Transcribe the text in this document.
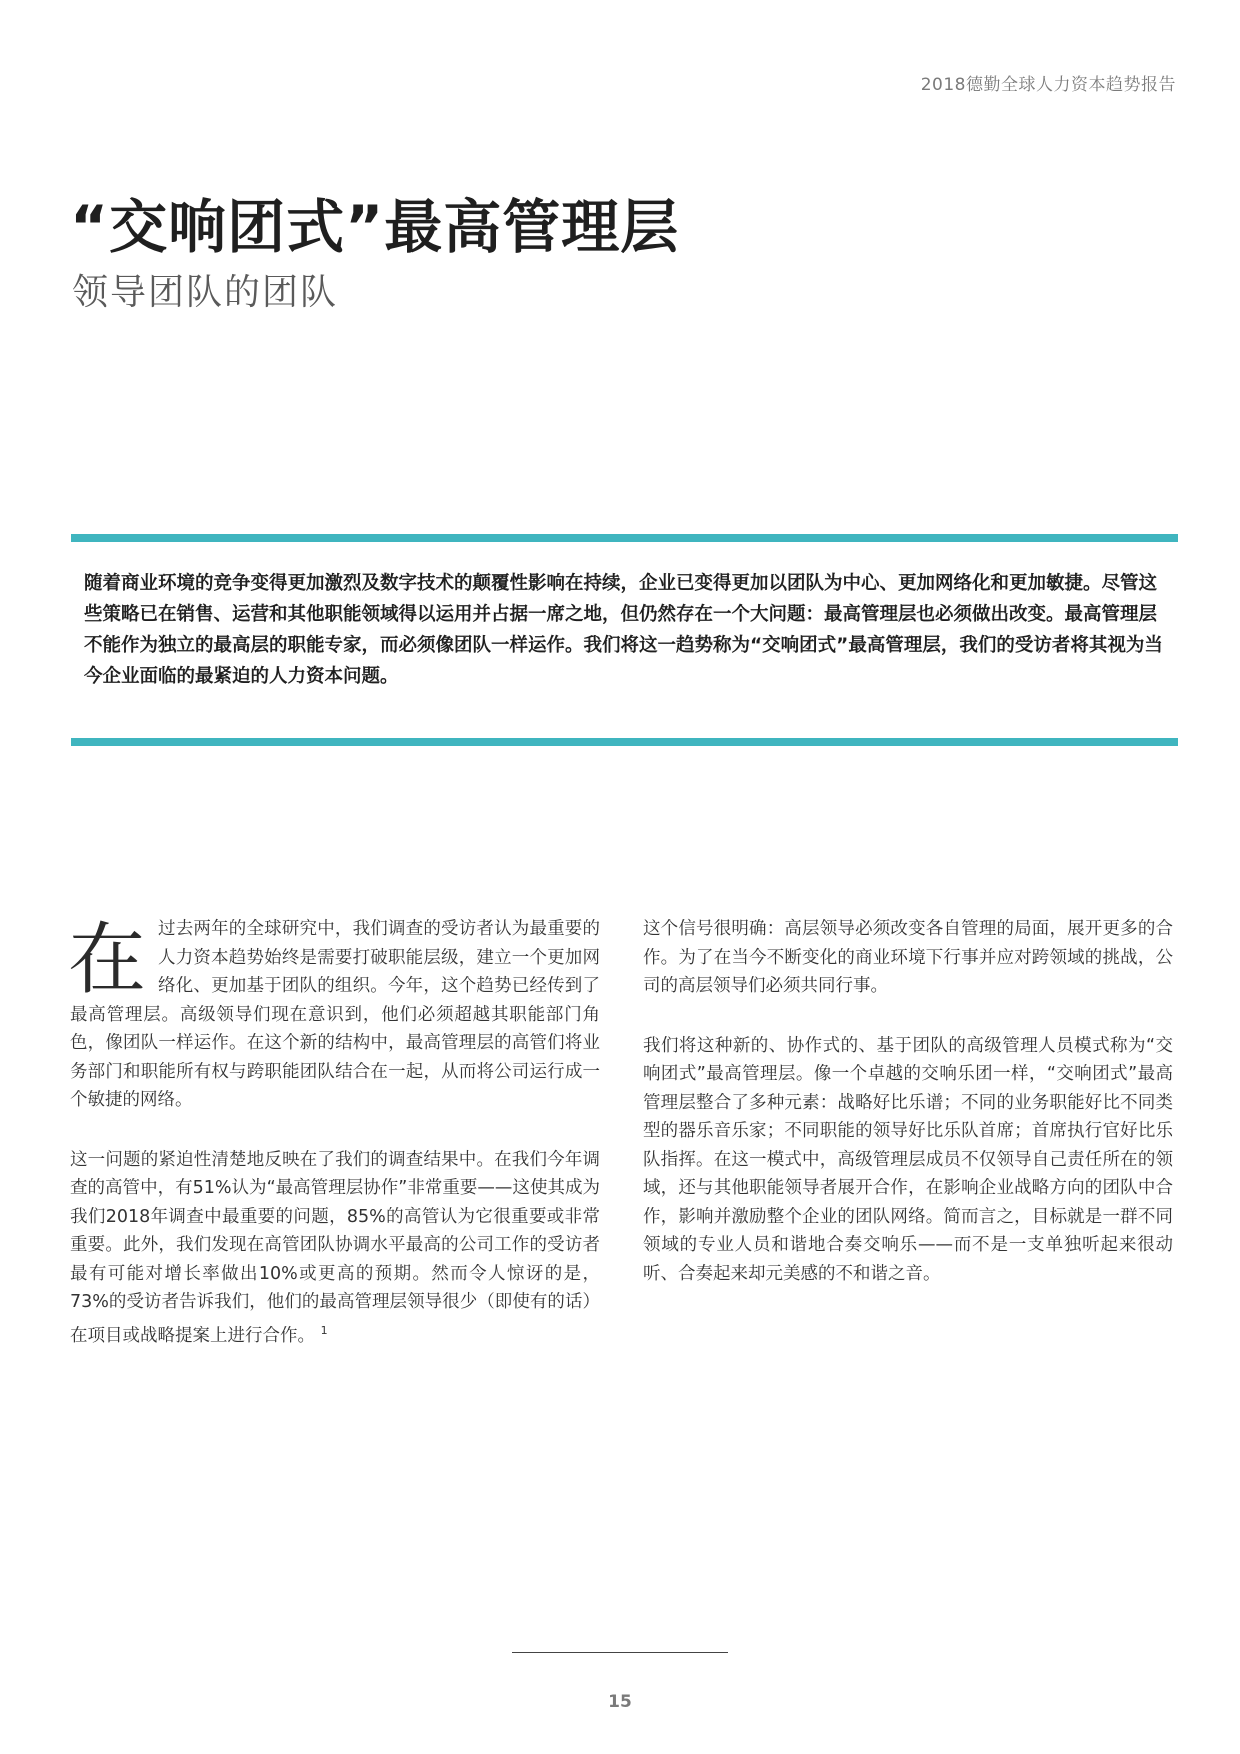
2018德勤全球人力资本趋势报告
“交响团式”最高管理层
领导团队的团队
随着商业环境的竞争变得更加激烈及数字技术的颠覆性影响在持续，企业已变得更加以团队为中心、更加网络化和更加敏捷。尽管这些策略已在销售、运营和其他职能领域得以运用并占据一席之地，但仍然存在一个大问题：最高管理层也必须做出改变。最高管理层不能作为独立的最高层的职能专家，而必须像团队一样运作。我们将这一趋势称为“交响团式”最高管理层，我们的受访者将其视为当今企业面临的最紧迫的人力资本问题。

在过去两年的全球研究中，我们调查的受访者认为最重要的人力资本趋势始终是需要打破职能层级，建立一个更加网络化、更加基于团队的组织。今年，这个趋势已经传到了最高管理层。高级领导们现在意识到，他们必须超越其职能部门角色，像团队一样运作。在这个新的结构中，最高管理层的高管们将业务部门和职能所有权与跨职能团队结合在一起，从而将公司运行成一个敏捷的网络。

这一问题的紧迫性清楚地反映在了我们的调查结果中。在我们今年调查的高管中，有51%认为“最高管理层协作”非常重要——这使其成为我们2018年调查中最重要的问题，85%的高管认为它很重要或非常重要。此外，我们发现在高管团队协调水平最高的公司工作的受访者最有可能对增长率做出10%或更高的预期。然而令人惊讶的是，73%的受访者告诉我们，他们的最高管理层领导很少（即使有的话）在项目或战略提案上进行合作。 $^1$

这个信号很明确：高层领导必须改变各自管理的局面，展开更多的合作。为了在当今不断变化的商业环境下行事并应对跨领域的挑战，公司的高层领导们必须共同行事。

我们将这种新的、协作式的、基于团队的高级管理人员模式称为“交响团式”最高管理层。像一个卓越的交响乐团一样，“交响团式”最高管理层整合了多种元素：战略好比乐谱；不同的业务职能好比不同类型的器乐音乐家；不同职能的领导好比乐队首席；首席执行官好比乐队指挥。在这一模式中，高级管理层成员不仅领导自己责任所在的领域，还与其他职能领导者展开合作，在影响企业战略方向的团队中合作，影响并激励整个企业的团队网络。简而言之，目标就是一群不同领域的专业人员和谐地合奏交响乐——而不是一支单独听起来很动听、合奏起来却元美感的不和谐之音。

15
